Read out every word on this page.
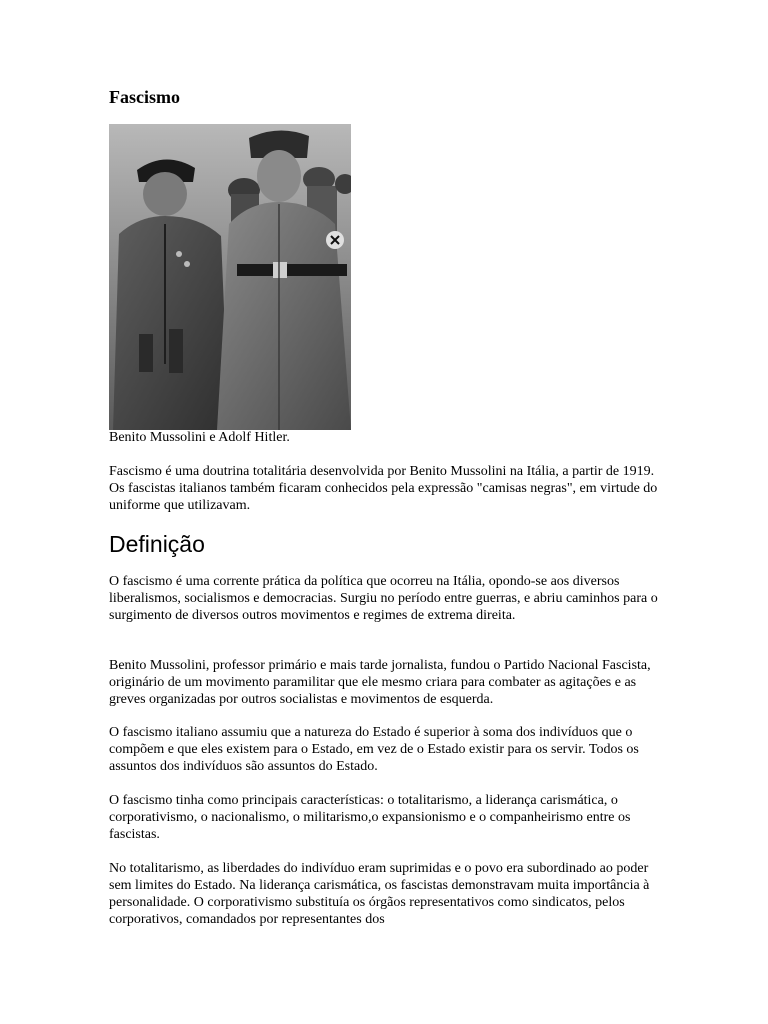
Fascismo

Benito Mussolini e Adolf Hitler.

Fascismo é uma doutrina totalitária desenvolvida por Benito Mussolini na Itália, a partir de 1919. Os fascistas italianos também ficaram conhecidos pela expressão "camisas negras", em virtude do uniforme que utilizavam.

Definição

O fascismo é uma corrente prática da política que ocorreu na Itália, opondo-se aos diversos liberalismos, socialismos e democracias. Surgiu no período entre guerras, e abriu caminhos para o surgimento de diversos outros movimentos e regimes de extrema direita.

Benito Mussolini, professor primário e mais tarde jornalista, fundou o Partido Nacional Fascista, originário de um movimento paramilitar que ele mesmo criara para combater as agitações e as greves organizadas por outros socialistas e movimentos de esquerda.

O fascismo italiano assumiu que a natureza do Estado é superior à soma dos indivíduos que o compõem e que eles existem para o Estado, em vez de o Estado existir para os servir. Todos os assuntos dos indivíduos são assuntos do Estado.

O fascismo tinha como principais características: o totalitarismo, a liderança carismática, o corporativismo, o nacionalismo, o militarismo,o expansionismo e o companheirismo entre os fascistas.

No totalitarismo, as liberdades do indivíduo eram suprimidas e o povo era subordinado ao poder sem limites do Estado. Na liderança carismática, os fascistas demonstravam muita importância à personalidade. O corporativismo substituía os órgãos representativos como sindicatos, pelos corporativos, comandados por representantes dos
